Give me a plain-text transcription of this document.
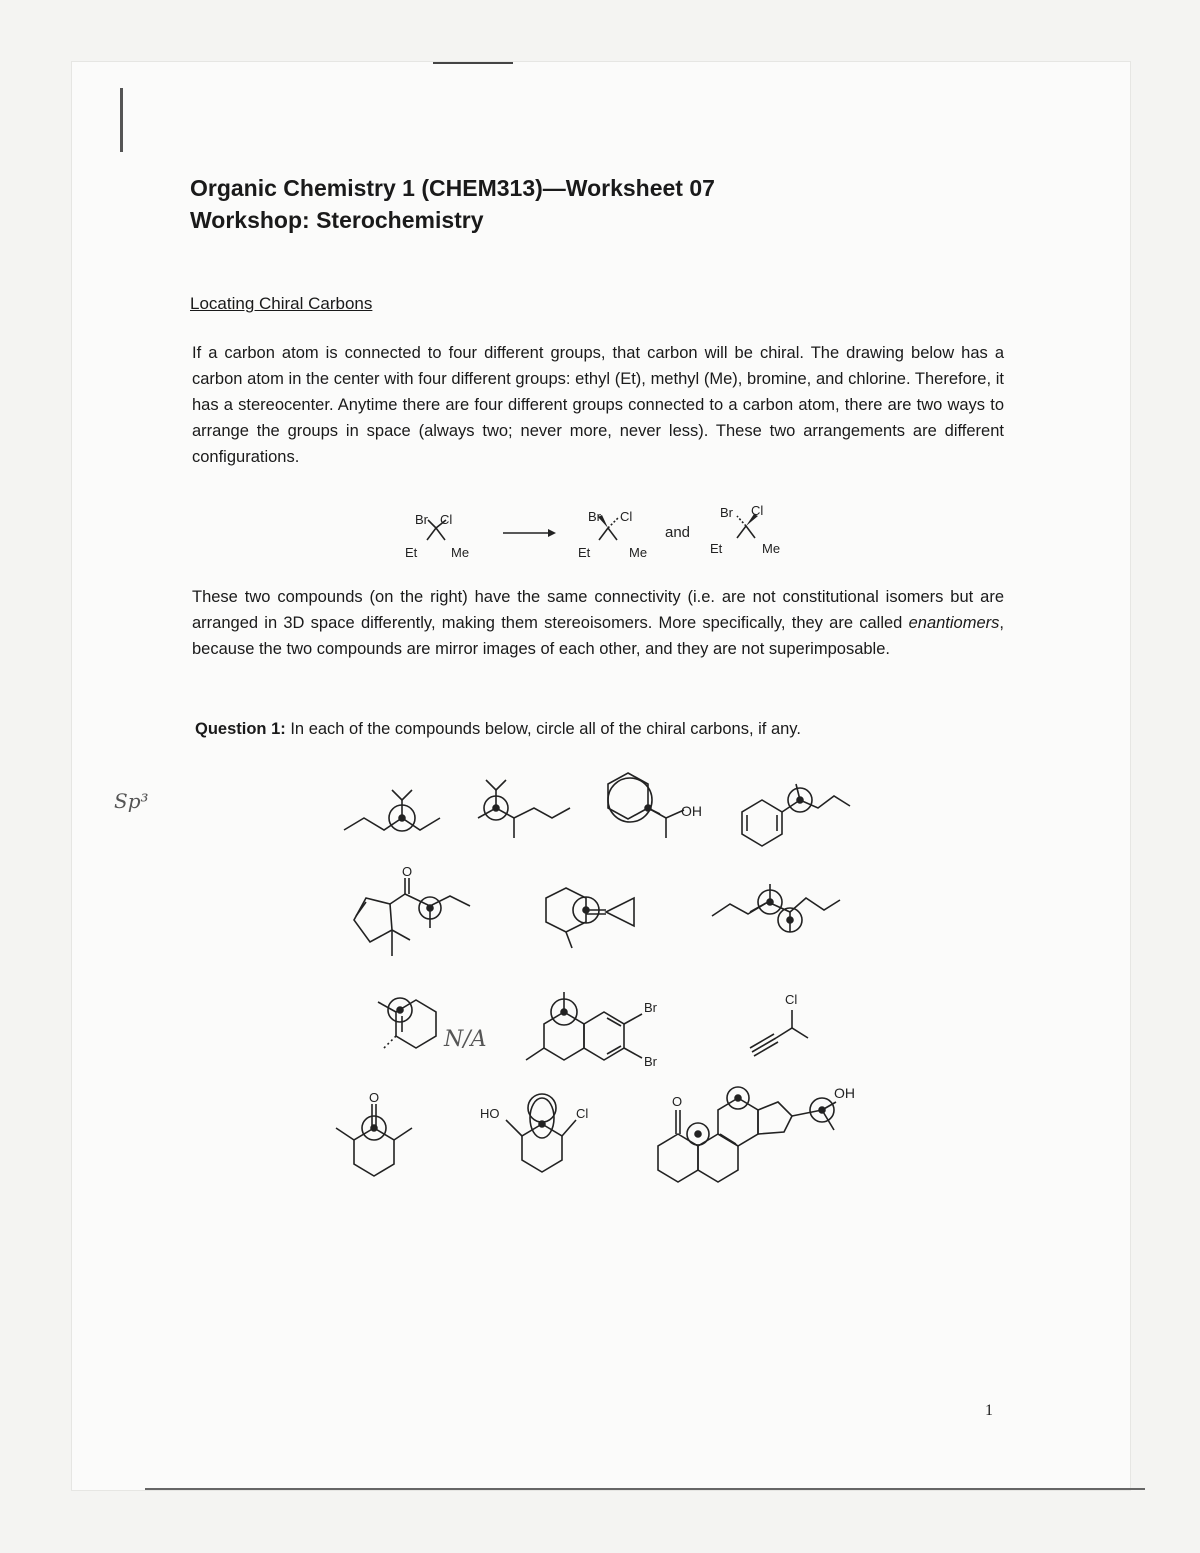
Organic Chemistry 1 (CHEM313)—Worksheet 07
Workshop: Sterochemistry
Locating Chiral Carbons
If a carbon atom is connected to four different groups, that carbon will be chiral. The drawing below has a carbon atom in the center with four different groups: ethyl (Et), methyl (Me), bromine, and chlorine. Therefore, it has a stereocenter. Anytime there are four different groups connected to a carbon atom, there are two ways to arrange the groups in space (always two; never more, never less). These two arrangements are different configurations.
These two compounds (on the right) have the same connectivity (i.e. are not constitutional isomers but are arranged in 3D space differently, making them stereoisomers. More specifically, they are called enantiomers, because the two compounds are mirror images of each other, and they are not superimposable.
Question 1: In each of the compounds below, circle all of the chiral carbons, if any.
Br Cl
Et	Me
Br Cl
Et	Me
and
Br Cl
Et	Me
OH
O
N/A
Br
Br
Cl
O
HO	Cl
O
OH
Sp³
1
